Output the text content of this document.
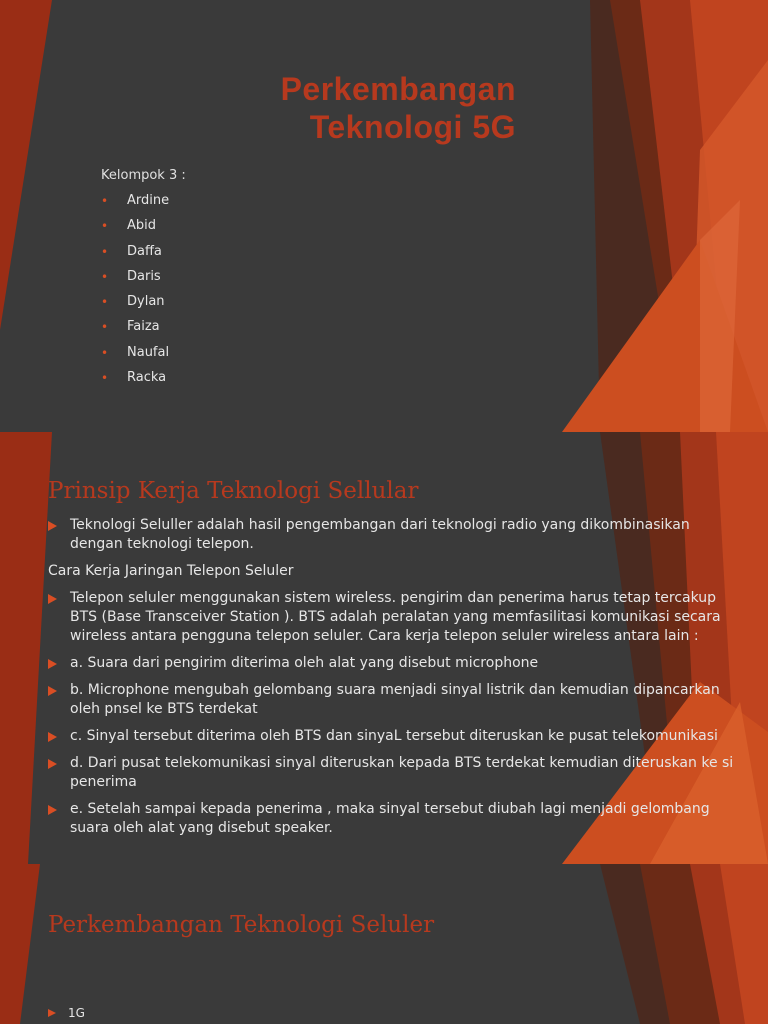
Perkembangan
Teknologi 5G
Kelompok 3 :
• Ardine
• Abid
• Daffa
• Daris
• Dylan
• Faiza
• Naufal
• Racka
Prinsip Kerja Teknologi Sellular
Teknologi Seluller adalah hasil pengembangan dari teknologi radio yang dikombinasikan dengan teknologi telepon.
Cara Kerja Jaringan Telepon Seluler
Telepon seluler menggunakan sistem wireless. pengirim dan penerima harus tetap tercakup BTS (Base Transceiver Station ). BTS adalah peralatan yang memfasilitasi komunikasi secara wireless antara pengguna telepon seluler. Cara kerja telepon seluler wireless antara lain :
a. Suara dari pengirim diterima oleh alat yang disebut microphone
b. Microphone mengubah gelombang suara menjadi sinyal listrik dan kemudian dipancarkan oleh pnsel ke BTS terdekat
c. Sinyal tersebut diterima oleh BTS dan sinyaL tersebut diteruskan ke pusat telekomunikasi
d. Dari pusat telekomunikasi sinyal diteruskan kepada BTS terdekat kemudian diteruskan ke si penerima
e. Setelah sampai kepada penerima , maka sinyal tersebut diubah lagi menjadi gelombang suara oleh alat yang disebut speaker.
Perkembangan Teknologi Seluler
1G
